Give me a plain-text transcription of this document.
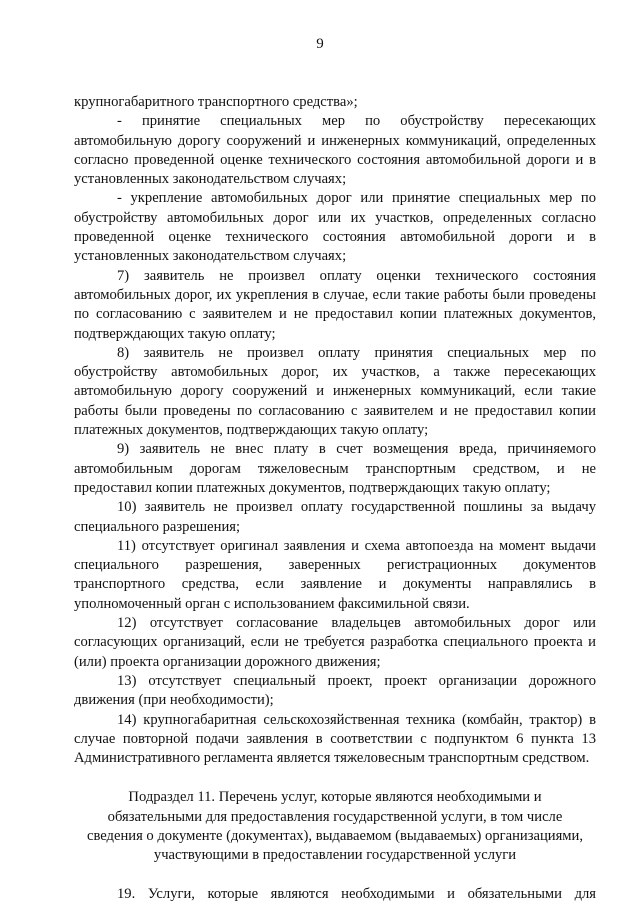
9

крупногабаритного транспортного средства»;

- принятие специальных мер по обустройству пересекающих автомобильную дорогу сооружений и инженерных коммуникаций, определенных согласно проведенной оценке технического состояния автомобильной дороги и в установленных законодательством случаях;

- укрепление автомобильных дорог или принятие специальных мер по обустройству автомобильных дорог или их участков, определенных согласно проведенной оценке технического состояния автомобильной дороги и в установленных законодательством случаях;

7) заявитель не произвел оплату оценки технического состояния автомобильных дорог, их укрепления в случае, если такие работы были проведены по согласованию с заявителем и не предоставил копии платежных документов, подтверждающих такую оплату;

8) заявитель не произвел оплату принятия специальных мер по обустройству автомобильных дорог, их участков, а также пересекающих автомобильную дорогу сооружений и инженерных коммуникаций, если такие работы были проведены по согласованию с заявителем и не предоставил копии платежных документов, подтверждающих такую оплату;

9) заявитель не внес плату в счет возмещения вреда, причиняемого автомобильным дорогам тяжеловесным транспортным средством, и не предоставил копии платежных документов, подтверждающих такую оплату;

10) заявитель не произвел оплату государственной пошлины за выдачу специального разрешения;

11) отсутствует оригинал заявления и схема автопоезда на момент выдачи специального разрешения, заверенных регистрационных документов транспортного средства, если заявление и документы направлялись в уполномоченный орган с использованием факсимильной связи.

12) отсутствует согласование владельцев автомобильных дорог или согласующих организаций, если не требуется разработка специального проекта и (или) проекта организации дорожного движения;

13) отсутствует специальный проект, проект организации дорожного движения (при необходимости);

14) крупногабаритная сельскохозяйственная техника (комбайн, трактор) в случае повторной подачи заявления в соответствии с подпунктом 6 пункта 13 Административного регламента является тяжеловесным транспортным средством.

Подраздел 11. Перечень услуг, которые являются необходимыми и
обязательными для предоставления государственной услуги, в том числе
сведения о документе (документах), выдаваемом (выдаваемых) организациями,
участвующими в предоставлении государственной услуги

19. Услуги, которые являются необходимыми и обязательными для
